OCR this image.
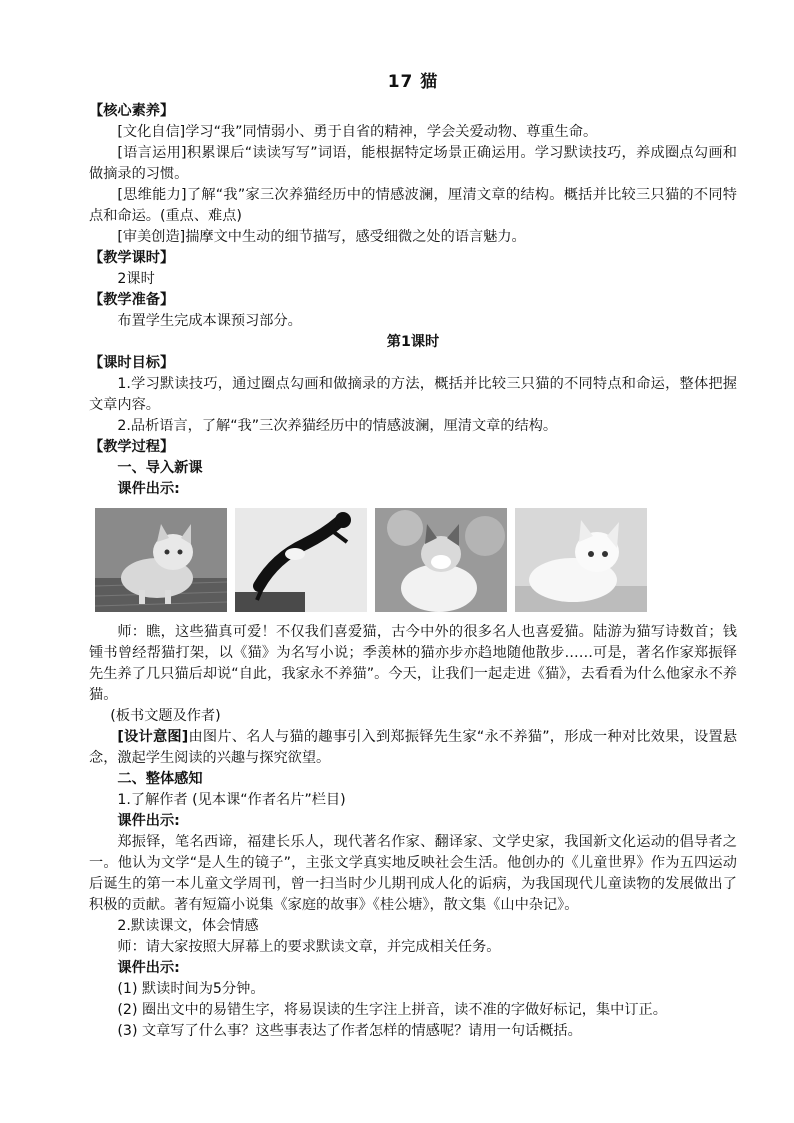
17 猫

【核心素养】

[文化自信]学习“我”同情弱小、勇于自省的精神，学会关爱动物、尊重生命。

[语言运用]积累课后“读读写写”词语，能根据特定场景正确运用。学习默读技巧，养成圈点勾画和做摘录的习惯。

[思维能力]了解“我”家三次养猫经历中的情感波澜，厘清文章的结构。概括并比较三只猫的不同特点和命运。(重点、难点)

[审美创造]揣摩文中生动的细节描写，感受细微之处的语言魅力。

【教学课时】

2课时

【教学准备】

布置学生完成本课预习部分。

第1课时

【课时目标】

1.学习默读技巧，通过圈点勾画和做摘录的方法，概括并比较三只猫的不同特点和命运，整体把握文章内容。

2.品析语言，了解“我”三次养猫经历中的情感波澜，厘清文章的结构。

【教学过程】

一、导入新课

课件出示:

师：瞧，这些猫真可爱！不仅我们喜爱猫，古今中外的很多名人也喜爱猫。陆游为猫写诗数首；钱锺书曾经帮猫打架，以《猫》为名写小说；季羡林的猫亦步亦趋地随他散步……可是，著名作家郑振铎先生养了几只猫后却说“自此，我家永不养猫”。今天，让我们一起走进《猫》，去看看为什么他家永不养猫。

(板书文题及作者)

[设计意图]由图片、名人与猫的趣事引入到郑振铎先生家“永不养猫”，形成一种对比效果，设置悬念，激起学生阅读的兴趣与探究欲望。

二、整体感知

1.了解作者 (见本课“作者名片”栏目)

课件出示:

郑振铎，笔名西谛，福建长乐人，现代著名作家、翻译家、文学史家，我国新文化运动的倡导者之一。他认为文学“是人生的镜子”，主张文学真实地反映社会生活。他创办的《儿童世界》作为五四运动后诞生的第一本儿童文学周刊，曾一扫当时少儿期刊成人化的诟病，为我国现代儿童读物的发展做出了积极的贡献。著有短篇小说集《家庭的故事》《桂公塘》，散文集《山中杂记》。

2.默读课文，体会情感

师：请大家按照大屏幕上的要求默读文章，并完成相关任务。

课件出示:

(1) 默读时间为5分钟。

(2) 圈出文中的易错生字，将易误读的生字注上拼音，读不准的字做好标记，集中订正。

(3) 文章写了什么事？这些事表达了作者怎样的情感呢？请用一句话概括。
